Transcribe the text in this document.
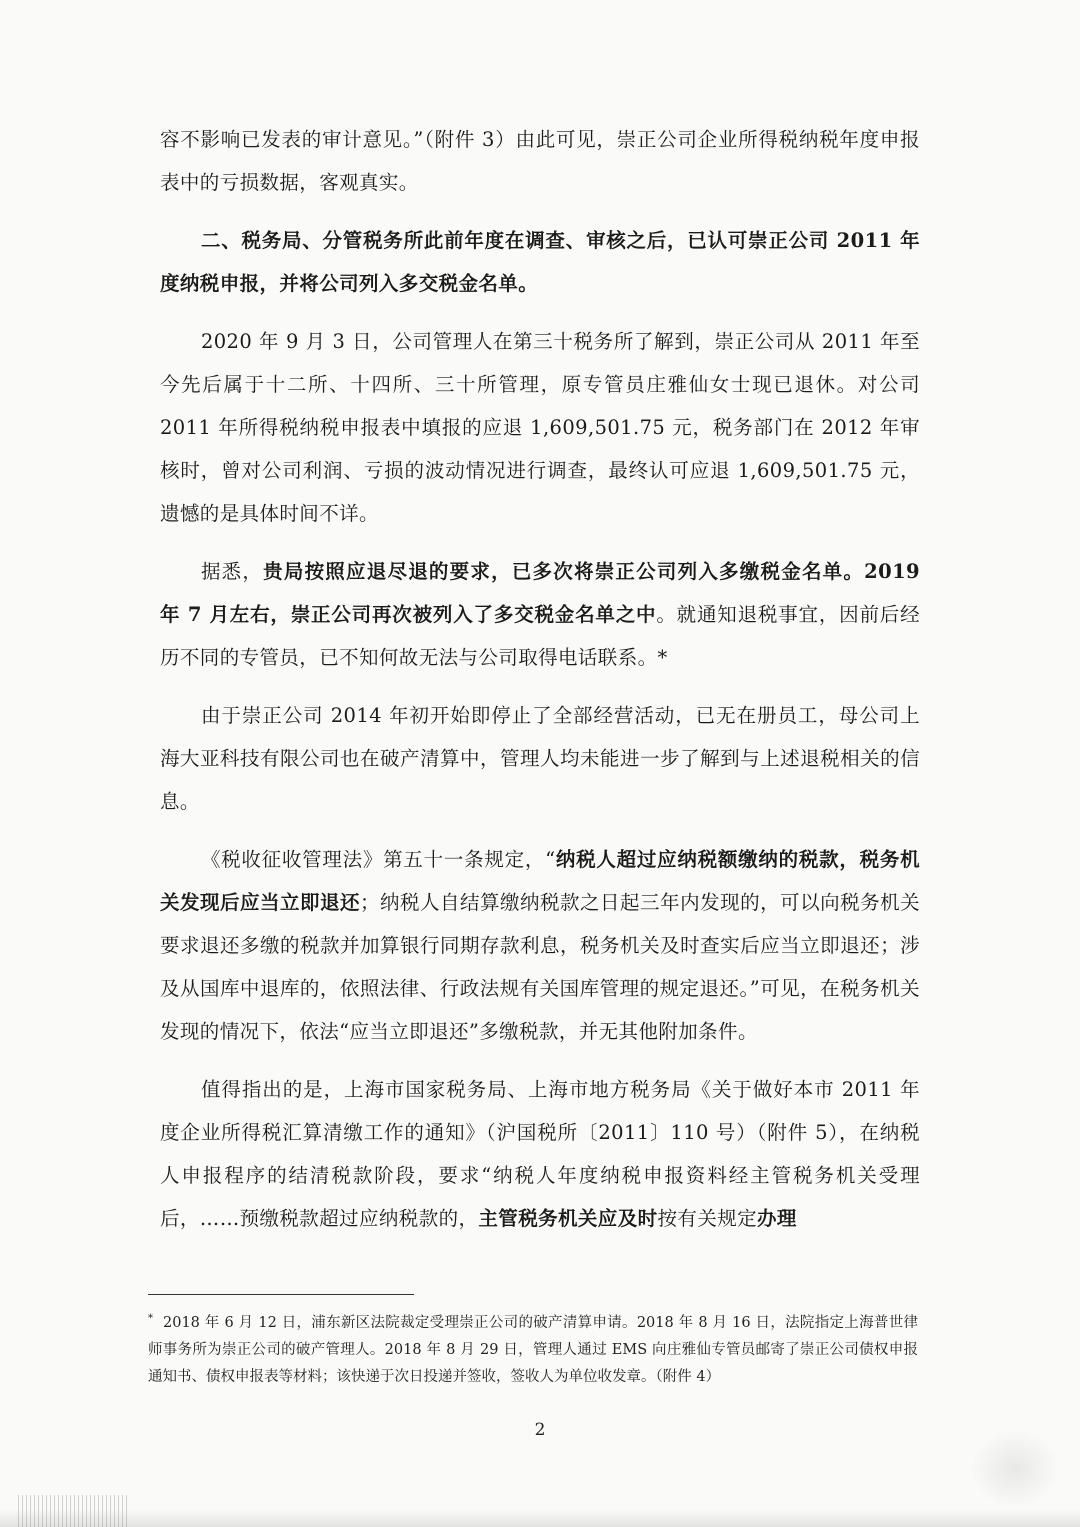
容不影响已发表的审计意见。”（附件 3）由此可见，崇正公司企业所得税纳税年度申报表中的亏损数据，客观真实。

二、税务局、分管税务所此前年度在调查、审核之后，已认可崇正公司 2011 年度纳税申报，并将公司列入多交税金名单。

2020 年 9 月 3 日，公司管理人在第三十税务所了解到，崇正公司从 2011 年至今先后属于十二所、十四所、三十所管理，原专管员庄雅仙女士现已退休。对公司 2011 年所得税纳税申报表中填报的应退 1,609,501.75 元，税务部门在 2012 年审核时，曾对公司利润、亏损的波动情况进行调查，最终认可应退 1,609,501.75 元，遗憾的是具体时间不详。

据悉，贵局按照应退尽退的要求，已多次将崇正公司列入多缴税金名单。2019 年 7 月左右，崇正公司再次被列入了多交税金名单之中。就通知退税事宜，因前后经历不同的专管员，已不知何故无法与公司取得电话联系。*

由于崇正公司 2014 年初开始即停止了全部经营活动，已无在册员工，母公司上海大亚科技有限公司也在破产清算中，管理人均未能进一步了解到与上述退税相关的信息。

《税收征收管理法》第五十一条规定，“纳税人超过应纳税额缴纳的税款，税务机关发现后应当立即退还；纳税人自结算缴纳税款之日起三年内发现的，可以向税务机关要求退还多缴的税款并加算银行同期存款利息，税务机关及时查实后应当立即退还；涉及从国库中退库的，依照法律、行政法规有关国库管理的规定退还。”可见，在税务机关发现的情况下，依法“应当立即退还”多缴税款，并无其他附加条件。

值得指出的是，上海市国家税务局、上海市地方税务局《关于做好本市 2011 年度企业所得税汇算清缴工作的通知》（沪国税所〔2011〕110 号）（附件 5），在纳税人申报程序的结清税款阶段，要求“纳税人年度纳税申报资料经主管税务机关受理后，……预缴税款超过应纳税款的，主管税务机关应及时按有关规定办理

* 2018 年 6 月 12 日，浦东新区法院裁定受理崇正公司的破产清算申请。2018 年 8 月 16 日，法院指定上海普世律师事务所为崇正公司的破产管理人。2018 年 8 月 29 日，管理人通过 EMS 向庄雅仙专管员邮寄了崇正公司债权申报通知书、债权申报表等材料；该快递于次日投递并签收，签收人为单位收发章。（附件 4）
2
